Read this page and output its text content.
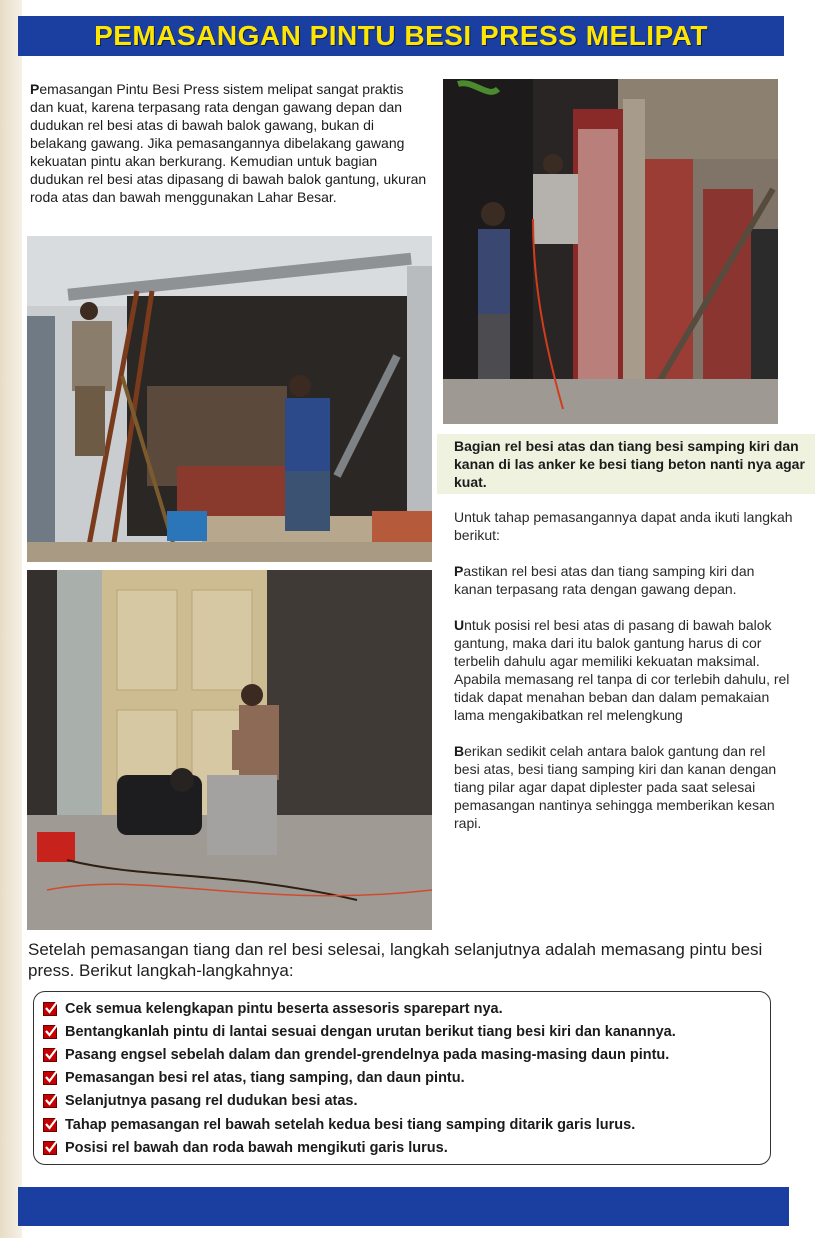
PEMASANGAN PINTU BESI PRESS MELIPAT

Pemasangan Pintu Besi Press sistem melipat sangat praktis dan kuat, karena terpasang rata dengan gawang depan dan dudukan rel besi atas di bawah balok gawang, bukan di belakang gawang. Jika pemasangannya dibelakang gawang kekuatan pintu akan berkurang. Kemudian untuk bagian dudukan rel besi atas dipasang di bawah balok gantung, ukuran roda atas dan bawah menggunakan Lahar Besar.

Bagian rel besi atas dan tiang besi samping kiri dan kanan di las anker ke besi tiang beton nanti nya agar kuat.

Untuk tahap pemasangannya dapat anda ikuti langkah berikut:

Pastikan rel besi atas dan tiang samping kiri dan kanan terpasang rata dengan gawang depan.

Untuk posisi rel besi atas di pasang di bawah balok gantung, maka dari itu balok gantung harus di cor terbelih dahulu agar memiliki kekuatan maksimal. Apabila memasang rel tanpa di cor terlebih dahulu, rel tidak dapat menahan beban dan dalam pemakaian lama mengakibatkan rel melengkung

Berikan sedikit celah antara balok gantung dan rel besi atas, besi tiang samping kiri dan kanan dengan tiang pilar agar dapat diplester pada saat selesai pemasangan nantinya sehingga memberikan kesan rapi.

Setelah pemasangan tiang dan rel besi selesai, langkah selanjutnya adalah memasang pintu besi press. Berikut langkah-langkahnya:

Cek semua kelengkapan pintu beserta assesoris sparepart nya.
Bentangkanlah pintu di lantai sesuai dengan urutan berikut tiang besi kiri dan kanannya.
Pasang engsel sebelah dalam dan grendel-grendelnya pada masing-masing daun pintu.
Pemasangan besi rel atas, tiang samping, dan daun pintu.
Selanjutnya pasang rel dudukan besi atas.
Tahap pemasangan rel bawah setelah kedua besi tiang samping ditarik garis lurus.
Posisi rel bawah dan roda bawah mengikuti garis lurus.
